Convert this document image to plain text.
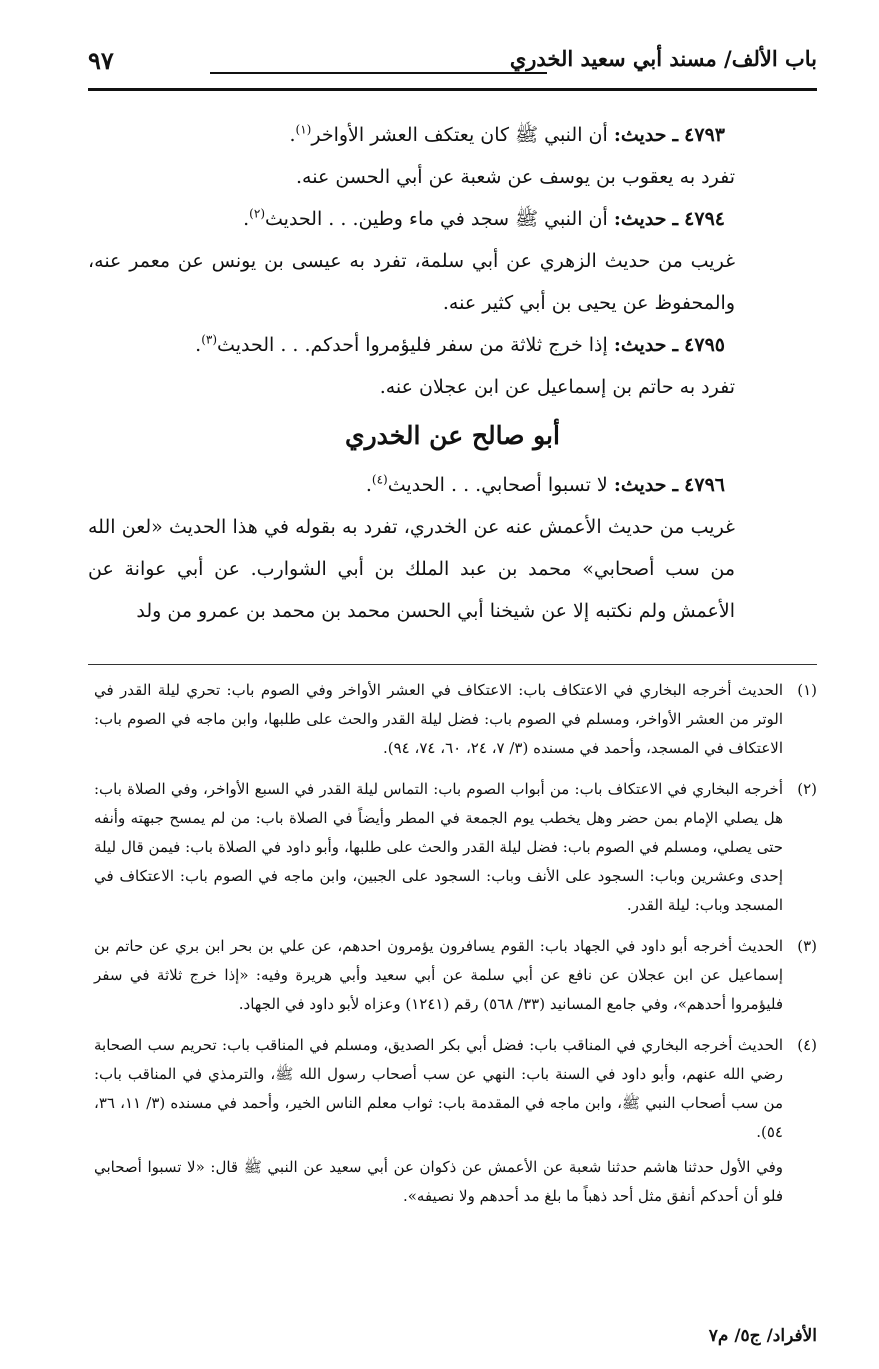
باب الألف/ مسند أبي سعيد الخدري
٩٧

٤٧٩٣ ـ حديث: أن النبي ﷺ كان يعتكف العشر الأواخر$^{(١)}$.

تفرد به يعقوب بن يوسف عن شعبة عن أبي الحسن عنه.

٤٧٩٤ ـ حديث: أن النبي ﷺ سجد في ماء وطين. . . الحديث$^{(٢)}$.

غريب من حديث الزهري عن أبي سلمة، تفرد به عيسى بن يونس عن معمر عنه، والمحفوظ عن يحيى بن أبي كثير عنه.

٤٧٩٥ ـ حديث: إذا خرج ثلاثة من سفر فليؤمروا أحدكم. . . الحديث$^{(٣)}$.

تفرد به حاتم بن إسماعيل عن ابن عجلان عنه.

أبو صالح عن الخدري

٤٧٩٦ ـ حديث: لا تسبوا أصحابي. . . الحديث$^{(٤)}$.

غريب من حديث الأعمش عنه عن الخدري، تفرد به بقوله في هذا الحديث «لعن الله من سب أصحابي» محمد بن عبد الملك بن أبي الشوارب. عن أبي عوانة عن الأعمش ولم نكتبه إلا عن شيخنا أبي الحسن محمد بن محمد بن عمرو من ولد

(١)
الحديث أخرجه البخاري في الاعتكاف باب: الاعتكاف في العشر الأواخر وفي الصوم باب: تحري ليلة القدر في الوتر من العشر الأواخر، ومسلم في الصوم باب: فضل ليلة القدر والحث على طلبها، وابن ماجه في الصوم باب: الاعتكاف في المسجد، وأحمد في مسنده (٣/ ٧، ٢٤، ٦٠، ٧٤، ٩٤).

(٢)
أخرجه البخاري في الاعتكاف باب: من أبواب الصوم باب: التماس ليلة القدر في السبع الأواخر، وفي الصلاة باب: هل يصلي الإمام بمن حضر وهل يخطب يوم الجمعة في المطر وأيضاً في الصلاة باب: من لم يمسح جبهته وأنفه حتى يصلي، ومسلم في الصوم باب: فضل ليلة القدر والحث على طلبها، وأبو داود في الصلاة باب: فيمن قال ليلة إحدى وعشرين وباب: السجود على الأنف وباب: السجود على الجبين، وابن ماجه في الصوم باب: الاعتكاف في المسجد وباب: ليلة القدر.

(٣)
الحديث أخرجه أبو داود في الجهاد باب: القوم يسافرون يؤمرون احدهم، عن علي بن بحر ابن بري عن حاتم بن إسماعيل عن ابن عجلان عن نافع عن أبي سلمة عن أبي سعيد وأبي هريرة وفيه: «إذا خرج ثلاثة في سفر فليؤمروا أحدهم»، وفي جامع المسانيد (٣٣/ ٥٦٨) رقم (١٢٤١) وعزاه لأبو داود في الجهاد.

(٤)
الحديث أخرجه البخاري في المناقب باب: فضل أبي بكر الصديق، ومسلم في المناقب باب: تحريم سب الصحابة رضي الله عنهم، وأبو داود في السنة باب: النهي عن سب أصحاب رسول الله ﷺ، والترمذي في المناقب باب: من سب أصحاب النبي ﷺ، وابن ماجه في المقدمة باب: ثواب معلم الناس الخير، وأحمد في مسنده (٣/ ١١، ٣٦، ٥٤).

وفي الأول حدثنا هاشم حدثنا شعبة عن الأعمش عن ذكوان عن أبي سعيد عن النبي ﷺ قال: «لا تسبوا أصحابي فلو أن أحدكم أنفق مثل أحد ذهباً ما بلغ مد أحدهم ولا نصيفه».

الأفراد/ ج٥/ م٧
